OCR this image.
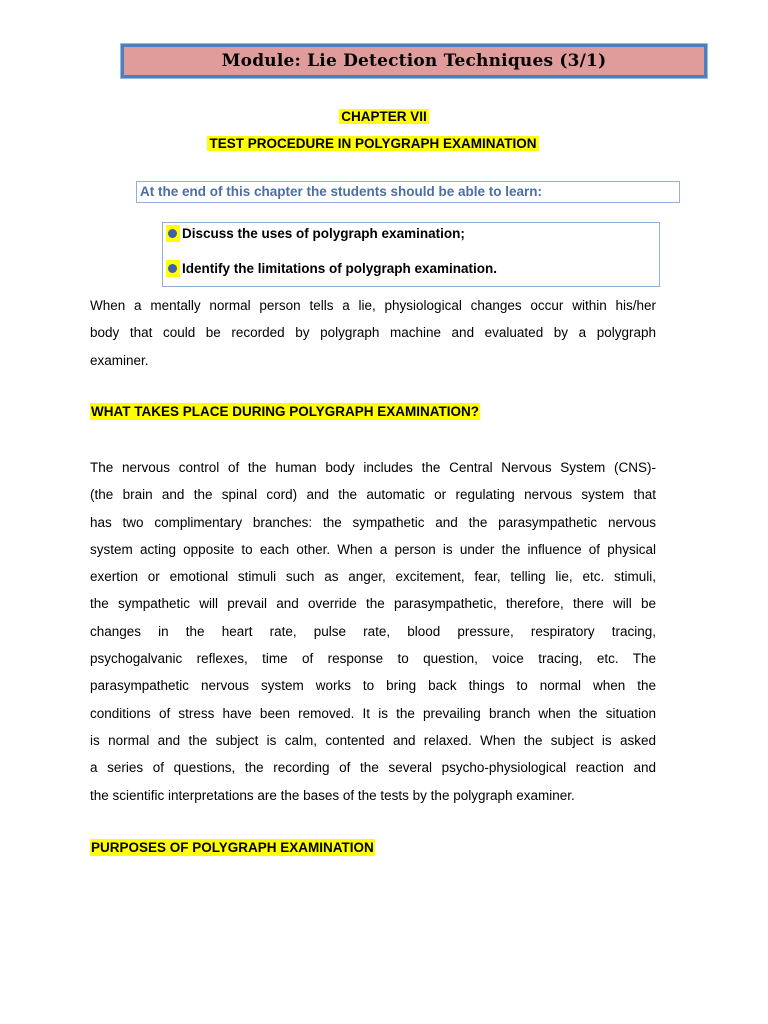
Module: Lie Detection Techniques (3/1)
CHAPTER VII
TEST PROCEDURE IN POLYGRAPH EXAMINATION
At the end of this chapter the students should be able to learn:
Discuss the uses of polygraph examination;
Identify the limitations of polygraph examination.
When a mentally normal person tells a lie, physiological changes occur within his/her
body that could be recorded by polygraph machine and evaluated by a polygraph
examiner.
WHAT TAKES PLACE DURING POLYGRAPH EXAMINATION?
The nervous control of the human body includes the Central Nervous System (CNS)-
(the brain and the spinal cord) and the automatic or regulating nervous system that
has two complimentary branches: the sympathetic and the parasympathetic nervous
system acting opposite to each other. When a person is under the influence of physical
exertion or emotional stimuli such as anger, excitement, fear, telling lie, etc. stimuli,
the sympathetic will prevail and override the parasympathetic, therefore, there will be
changes in the heart rate, pulse rate, blood pressure, respiratory tracing,
psychogalvanic reflexes, time of response to question, voice tracing, etc. The
parasympathetic nervous system works to bring back things to normal when the
conditions of stress have been removed. It is the prevailing branch when the situation
is normal and the subject is calm, contented and relaxed. When the subject is asked
a series of questions, the recording of the several psycho-physiological reaction and
the scientific interpretations are the bases of the tests by the polygraph examiner.
PURPOSES OF POLYGRAPH EXAMINATION
